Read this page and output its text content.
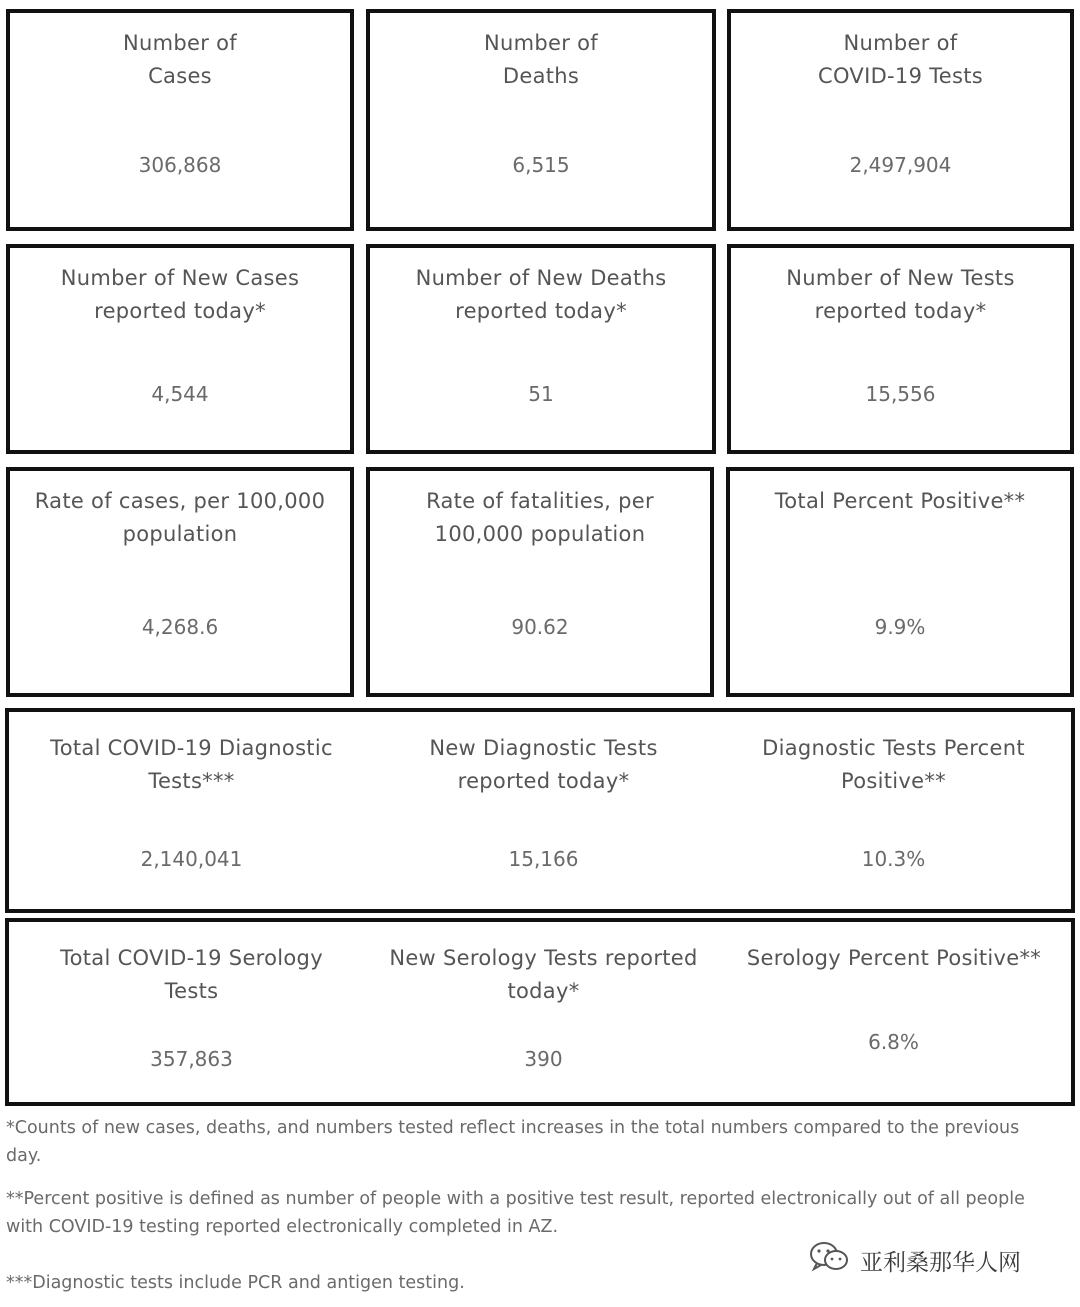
Number of
Cases
306,868
Number of
Deaths
6,515
Number of
COVID-19 Tests
2,497,904
Number of New Cases
reported today*
4,544
Number of New Deaths
reported today*
51
Number of New Tests
reported today*
15,556
Rate of cases, per 100,000
population
4,268.6
Rate of fatalities, per
100,000 population
90.62
Total Percent Positive**
9.9%
Total COVID-19 Diagnostic
Tests***
2,140,041
New Diagnostic Tests
reported today*
15,166
Diagnostic Tests Percent
Positive**
10.3%
Total COVID-19 Serology
Tests
357,863
New Serology Tests reported
today*
390
Serology Percent Positive**
6.8%
*Counts of new cases, deaths, and numbers tested reflect increases in the total numbers compared to the previous day.
**Percent positive is defined as number of people with a positive test result, reported electronically out of all people with COVID-19 testing reported electronically completed in AZ.
***Diagnostic tests include PCR and antigen testing.
亚利桑那华人网
